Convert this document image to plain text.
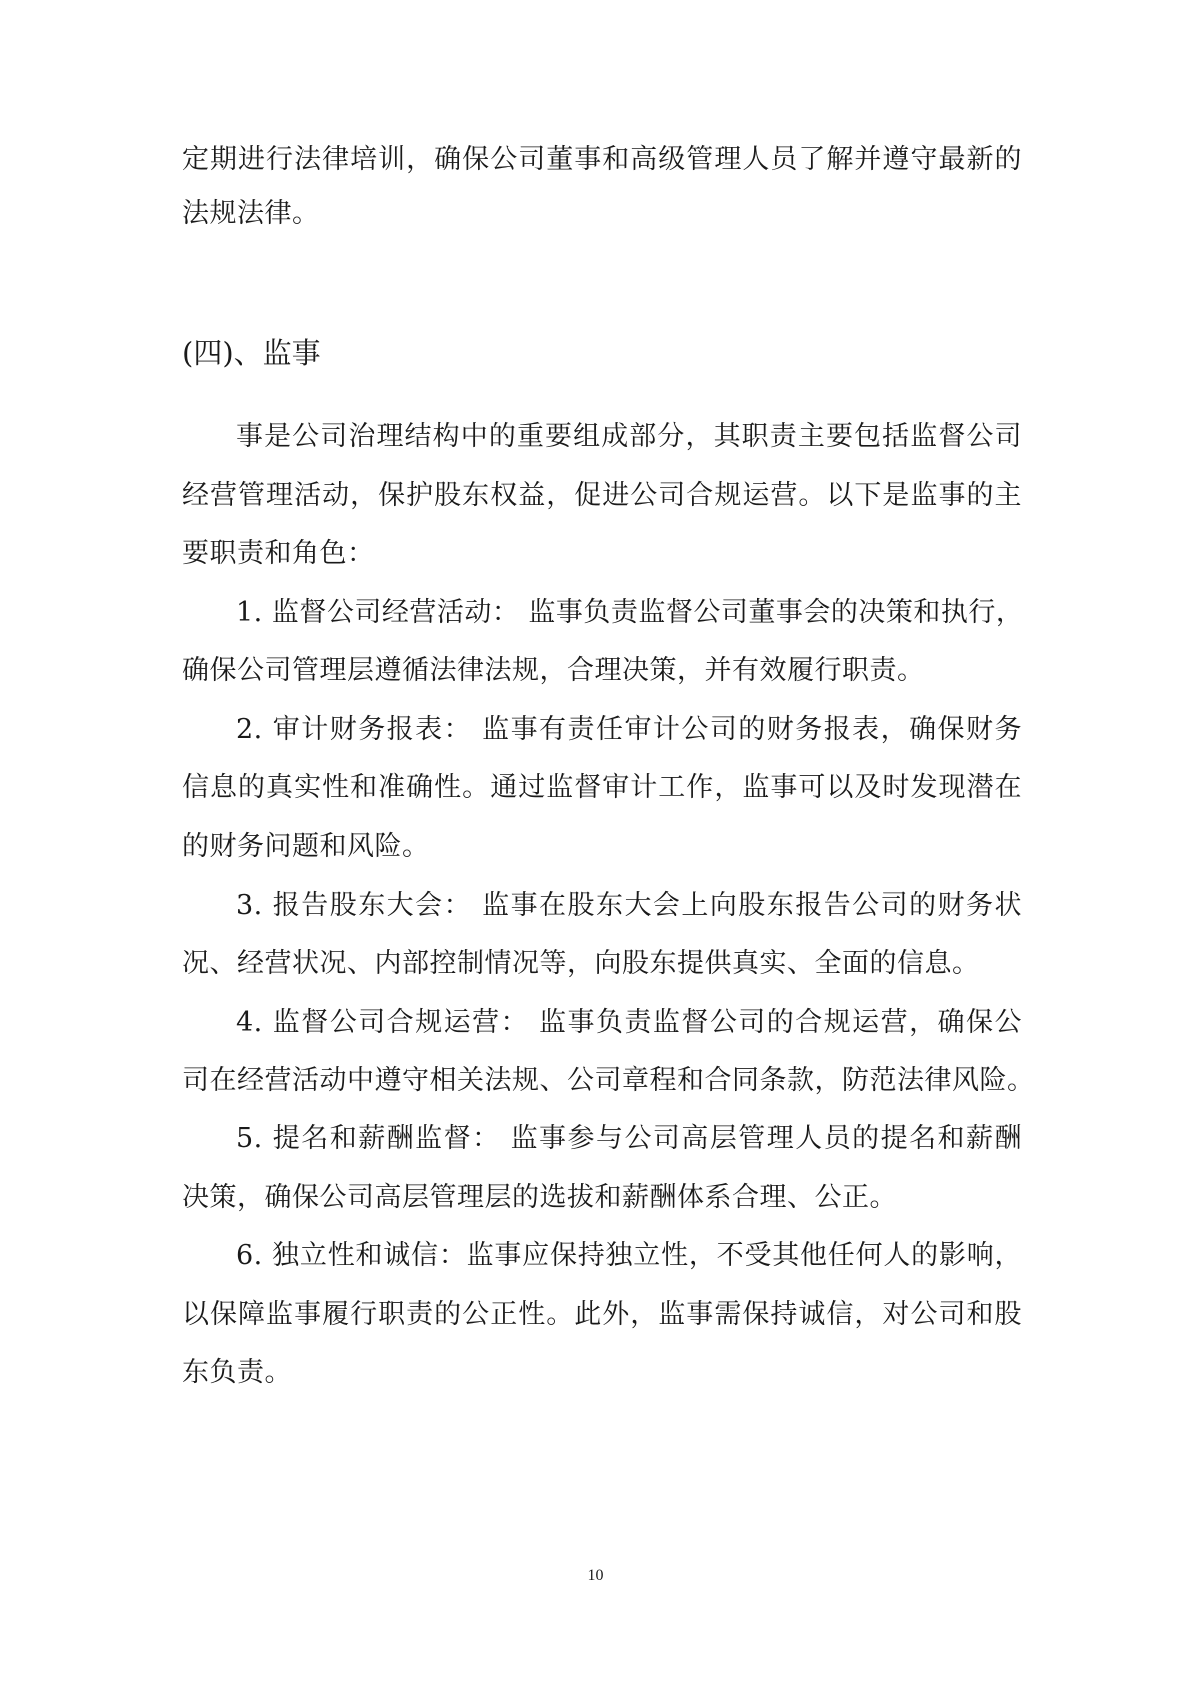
定期进行法律培训，确保公司董事和高级管理人员了解并遵守最新的
法规法律。
(四)、监事
事是公司治理结构中的重要组成部分，其职责主要包括监督公司
经营管理活动，保护股东权益，促进公司合规运营。以下是监事的主
要职责和角色：
1. 监督公司经营活动： 监事负责监督公司董事会的决策和执行，
确保公司管理层遵循法律法规，合理决策，并有效履行职责。
2. 审计财务报表： 监事有责任审计公司的财务报表，确保财务
信息的真实性和准确性。通过监督审计工作，监事可以及时发现潜在
的财务问题和风险。
3. 报告股东大会： 监事在股东大会上向股东报告公司的财务状
况、经营状况、内部控制情况等，向股东提供真实、全面的信息。
4. 监督公司合规运营： 监事负责监督公司的合规运营，确保公
司在经营活动中遵守相关法规、公司章程和合同条款，防范法律风险。
5. 提名和薪酬监督： 监事参与公司高层管理人员的提名和薪酬
决策，确保公司高层管理层的选拔和薪酬体系合理、公正。
6. 独立性和诚信：监事应保持独立性，不受其他任何人的影响，
以保障监事履行职责的公正性。此外，监事需保持诚信，对公司和股
东负责。
10
